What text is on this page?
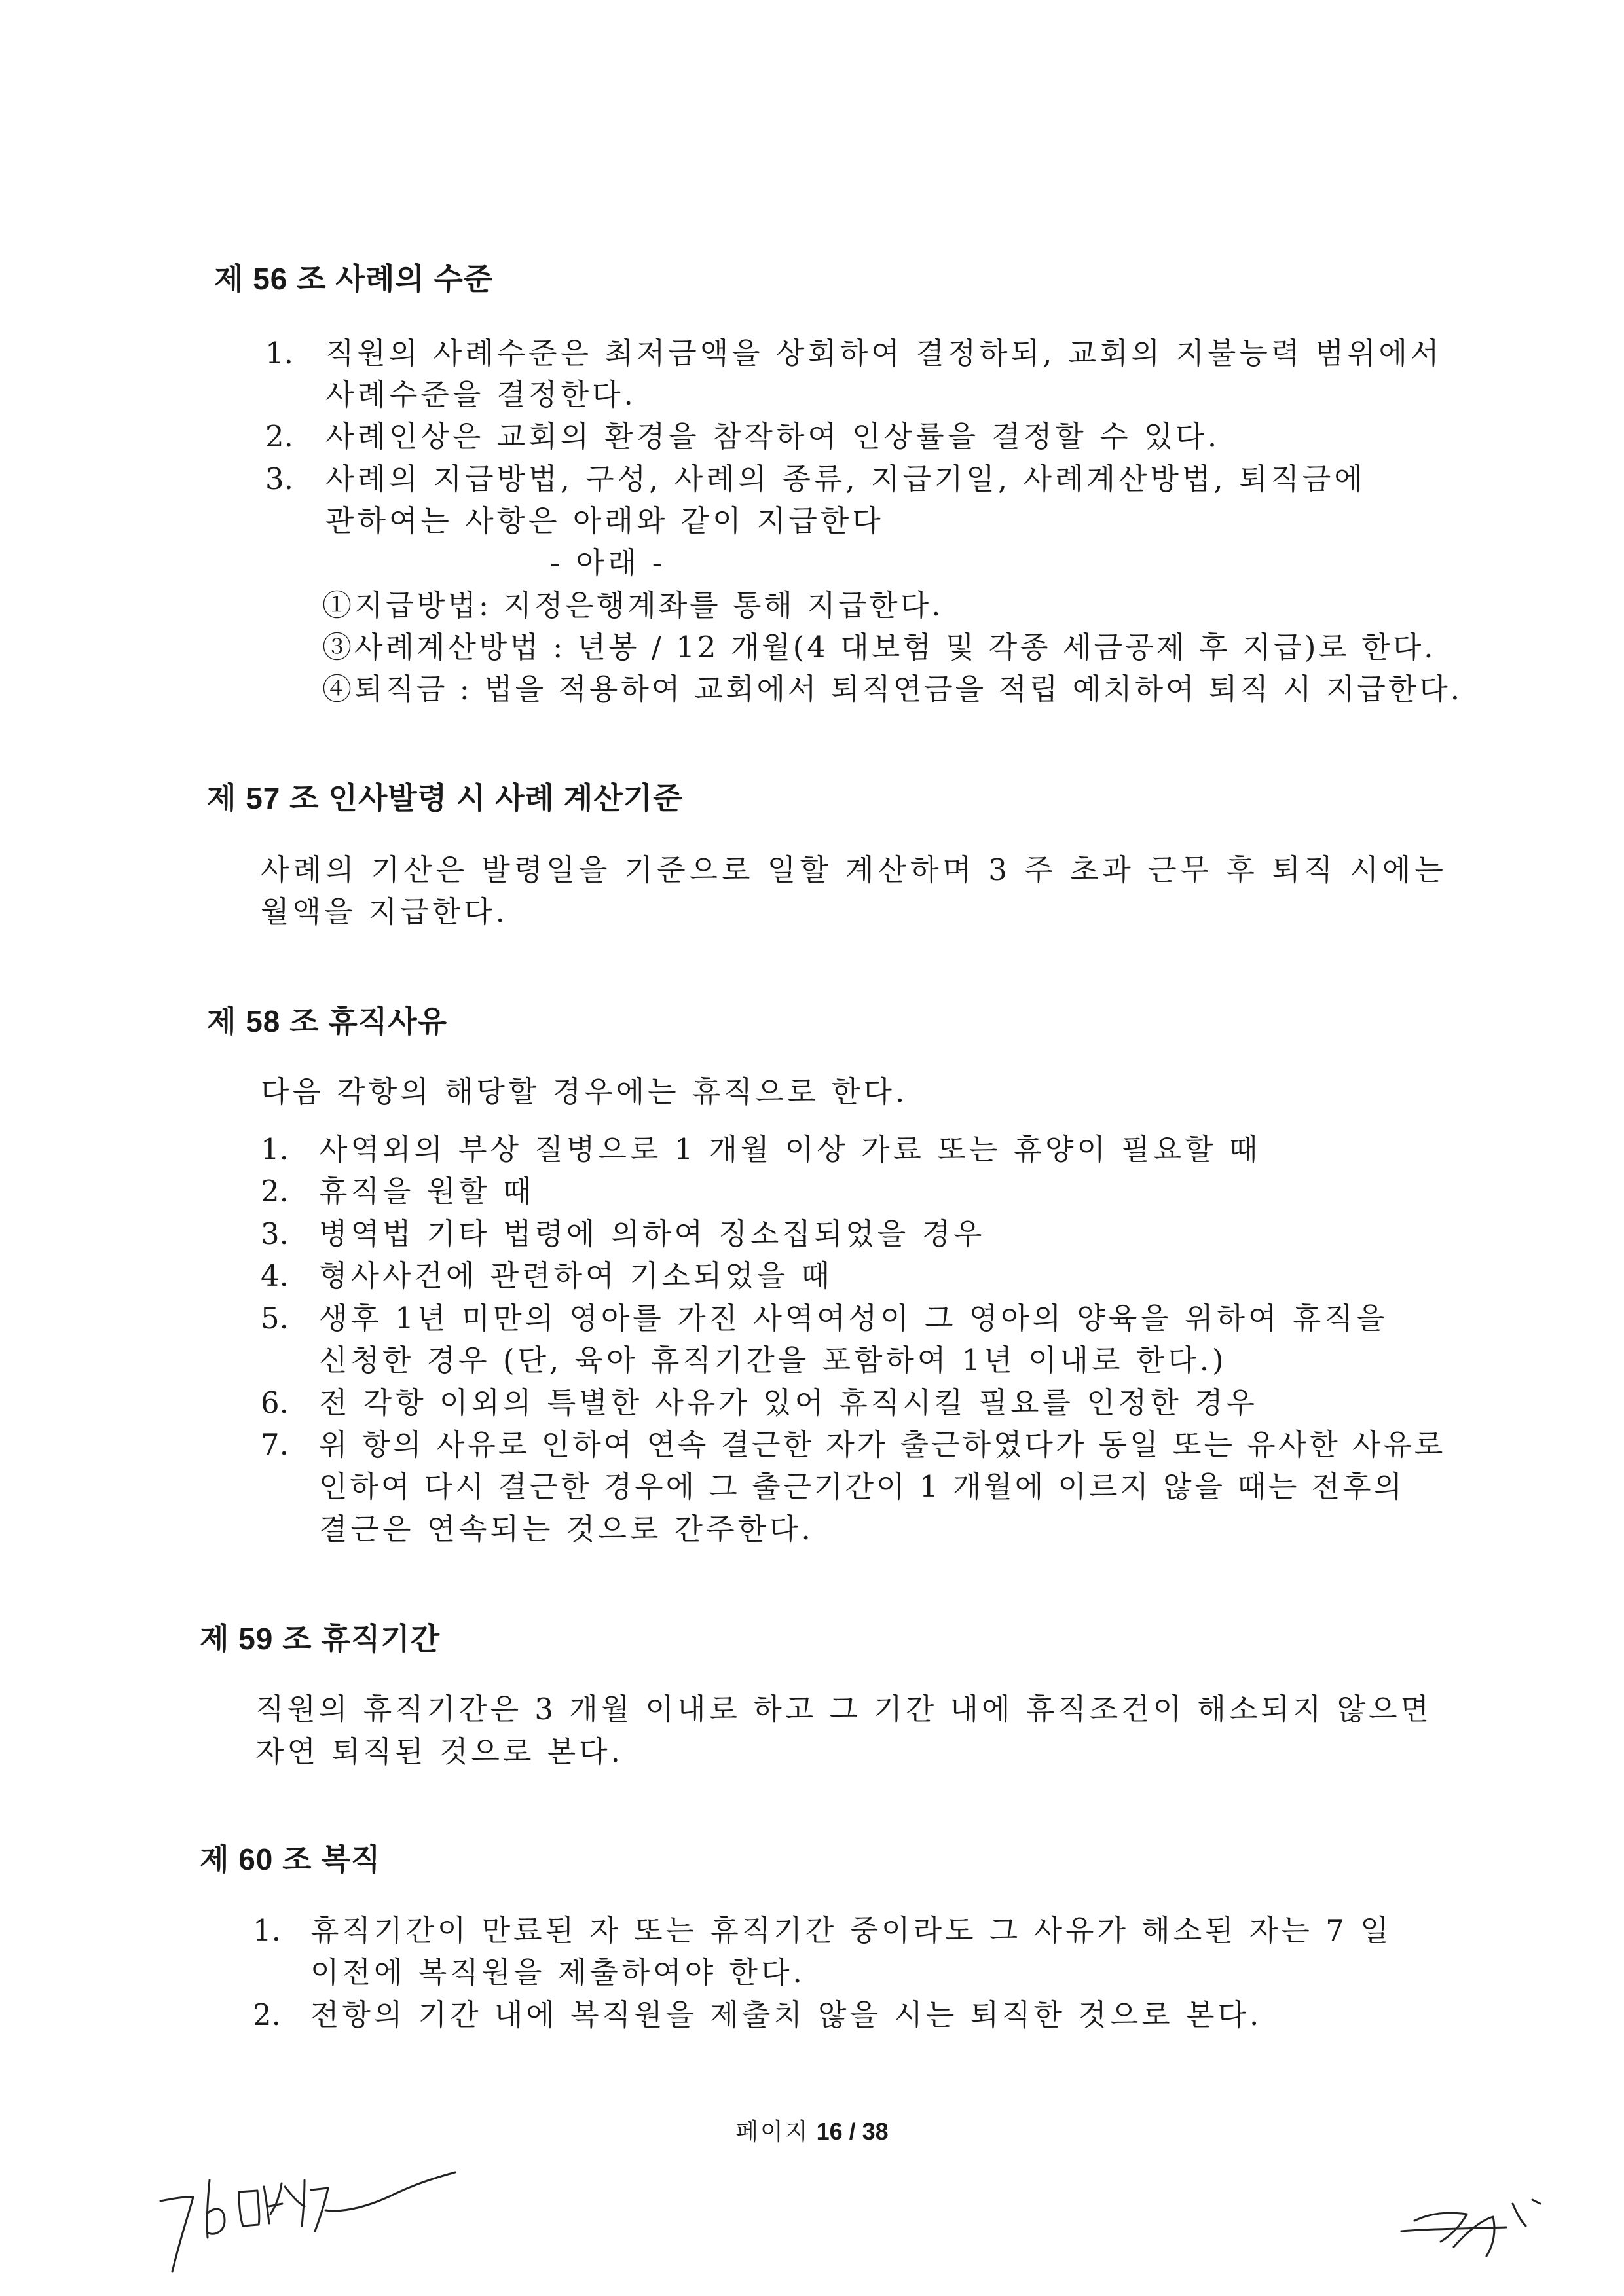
제 56 조 사례의 수준
1. 직원의 사례수준은 최저금액을 상회하여 결정하되, 교회의 지불능력 범위에서
사례수준을 결정한다.
2. 사례인상은 교회의 환경을 참작하여 인상률을 결정할 수 있다.
3. 사례의 지급방법, 구성, 사례의 종류, 지급기일, 사례계산방법, 퇴직금에
관하여는 사항은 아래와 같이 지급한다
- 아래 -
①지급방법: 지정은행계좌를 통해 지급한다.
③사례계산방법 : 년봉 / 12 개월(4 대보험 및 각종 세금공제 후 지급)로 한다.
④퇴직금 : 법을 적용하여 교회에서 퇴직연금을 적립 예치하여 퇴직 시 지급한다.
제 57 조 인사발령 시 사례 계산기준
사례의 기산은 발령일을 기준으로 일할 계산하며 3 주 초과 근무 후 퇴직 시에는
월액을 지급한다.
제 58 조 휴직사유
다음 각항의 해당할 경우에는 휴직으로 한다.
1. 사역외의 부상 질병으로 1 개월 이상 가료 또는 휴양이 필요할 때
2. 휴직을 원할 때
3. 병역법 기타 법령에 의하여 징소집되었을 경우
4. 형사사건에 관련하여 기소되었을 때
5. 생후 1년 미만의 영아를 가진 사역여성이 그 영아의 양육을 위하여 휴직을
신청한 경우 (단, 육아 휴직기간을 포함하여 1년 이내로 한다.)
6. 전 각항 이외의 특별한 사유가 있어 휴직시킬 필요를 인정한 경우
7. 위 항의 사유로 인하여 연속 결근한 자가 출근하였다가 동일 또는 유사한 사유로
인하여 다시 결근한 경우에 그 출근기간이 1 개월에 이르지 않을 때는 전후의
결근은 연속되는 것으로 간주한다.
제 59 조 휴직기간
직원의 휴직기간은 3 개월 이내로 하고 그 기간 내에 휴직조건이 해소되지 않으면
자연 퇴직된 것으로 본다.
제 60 조 복직
1. 휴직기간이 만료된 자 또는 휴직기간 중이라도 그 사유가 해소된 자는 7 일
이전에 복직원을 제출하여야 한다.
2. 전항의 기간 내에 복직원을 제출치 않을 시는 퇴직한 것으로 본다.
페이지 16 / 38
